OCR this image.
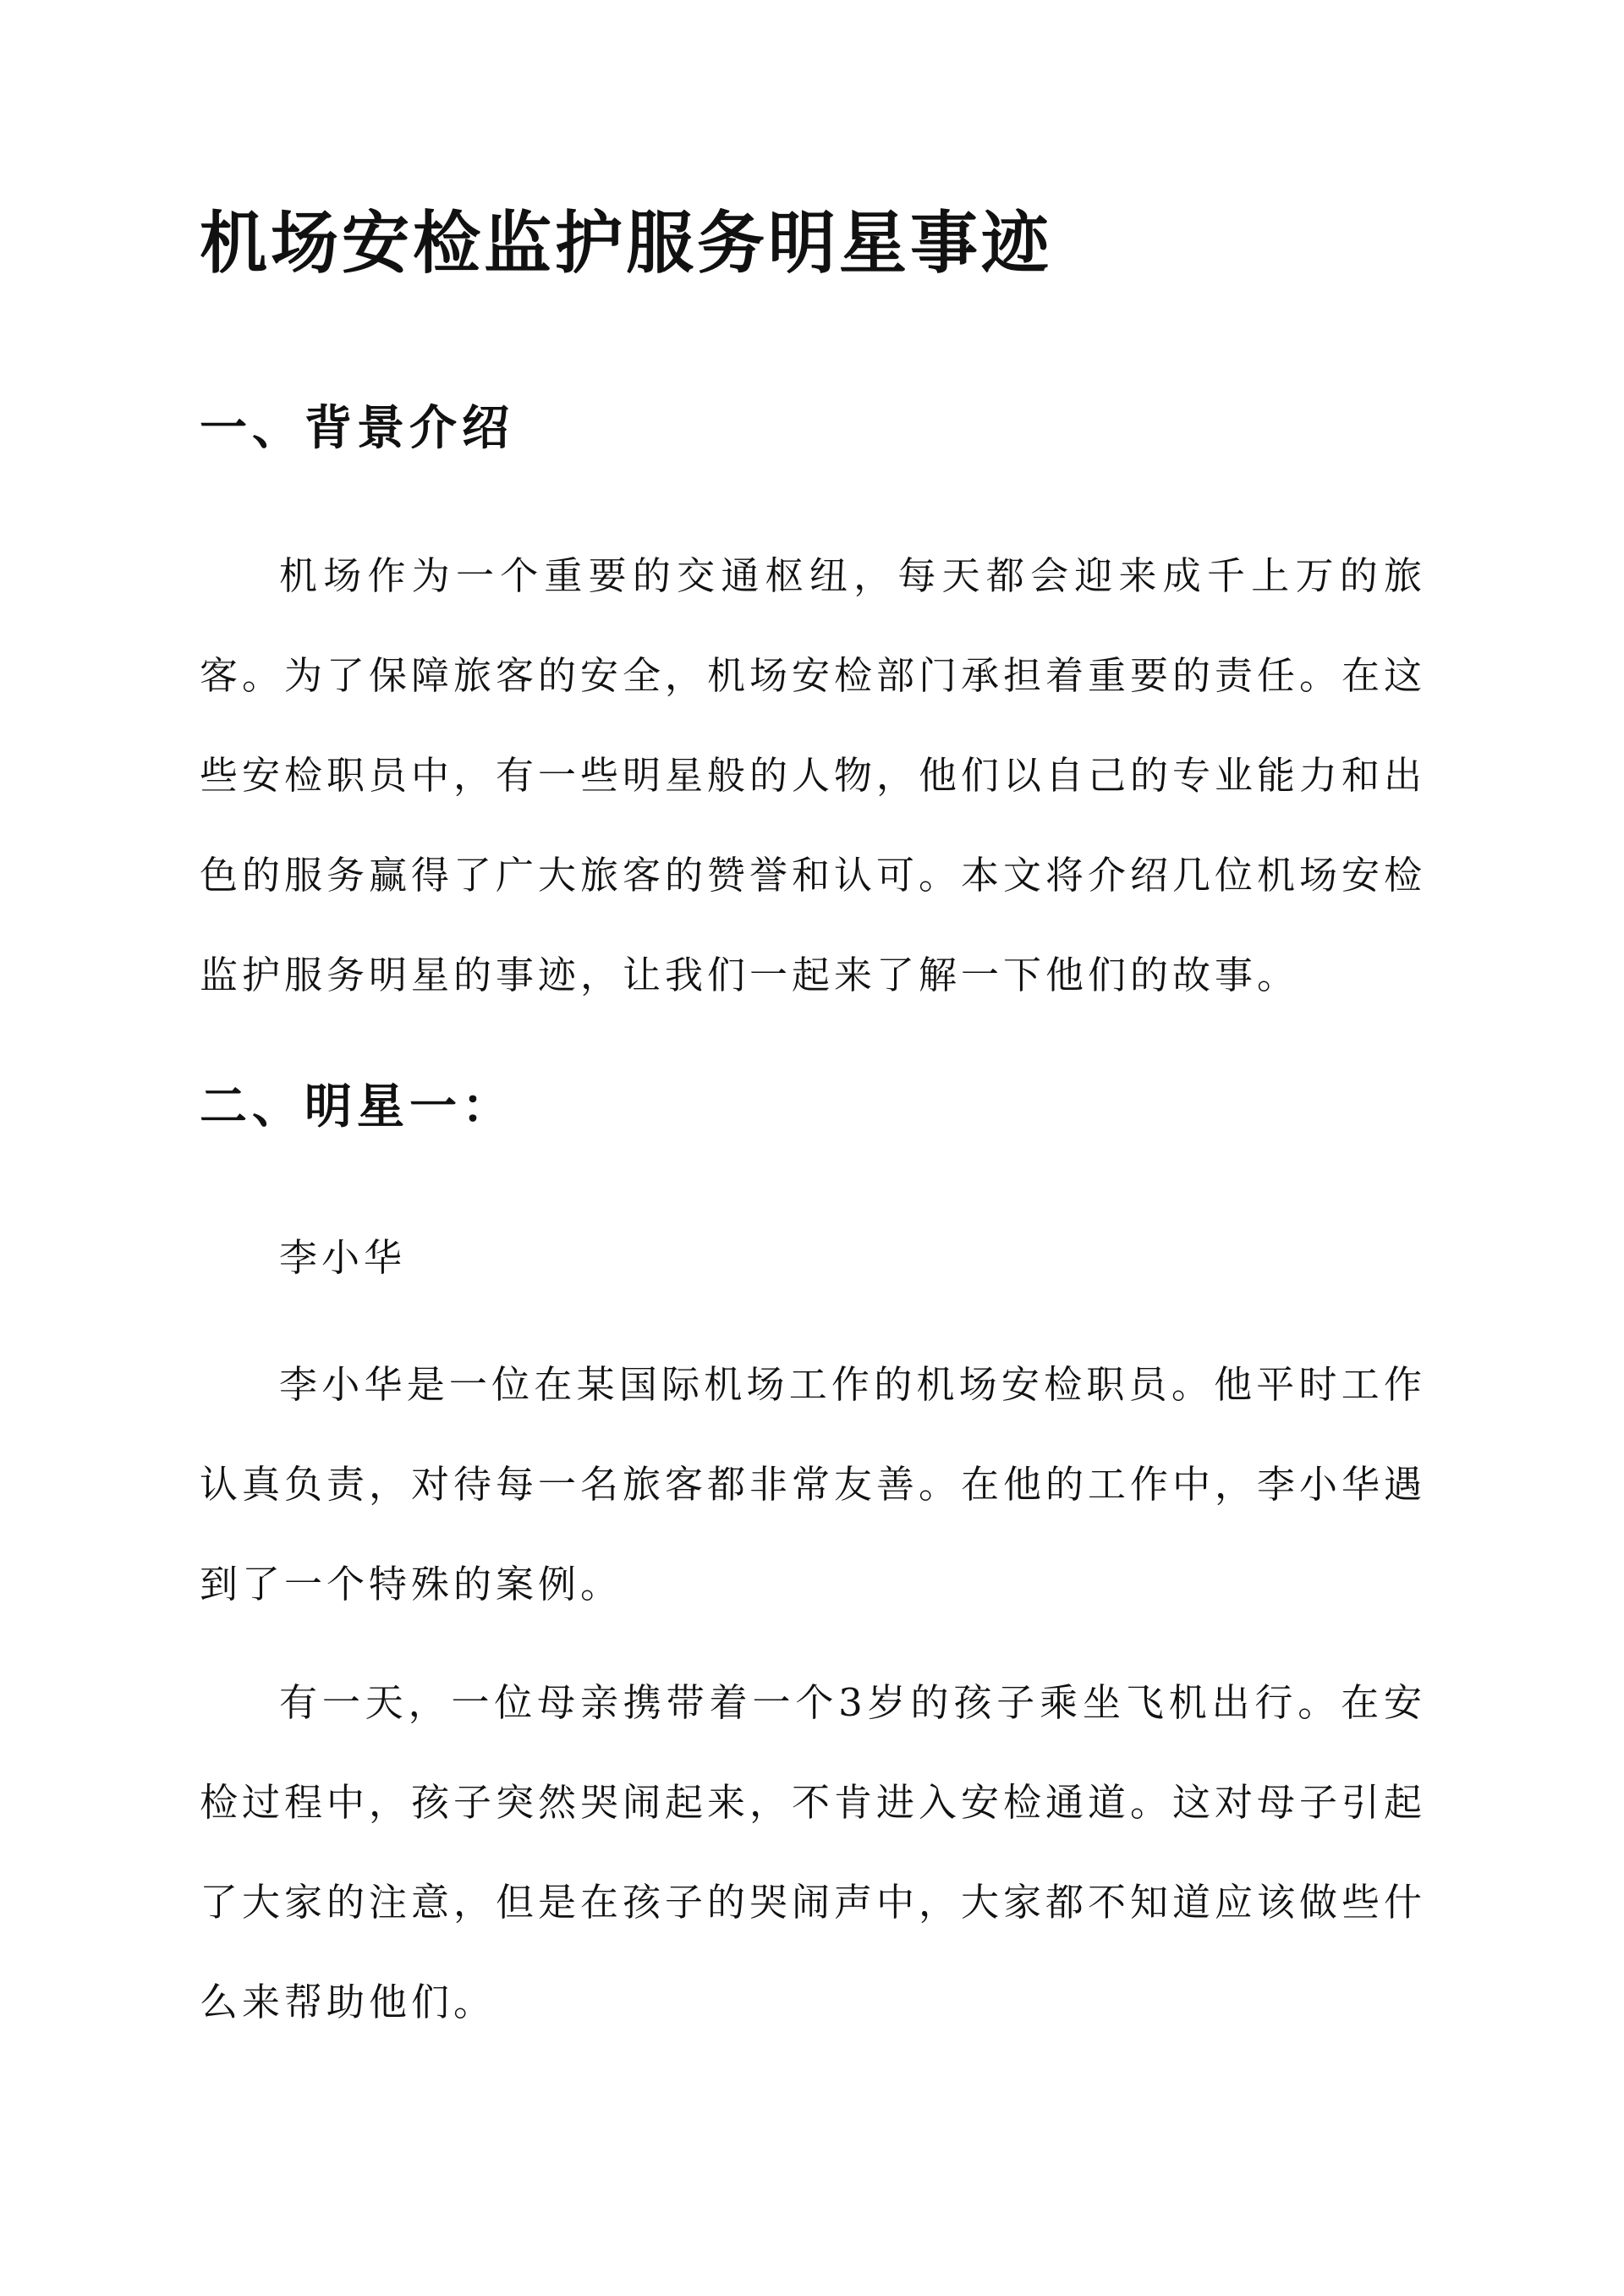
机场安检监护服务明星事迹
一、背景介绍

机场作为一个重要的交通枢纽，每天都会迎来成千上万的旅客。为了保障旅客的安全，机场安检部门承担着重要的责任。在这些安检职员中，有一些明星般的人物，他们以自己的专业能力和出色的服务赢得了广大旅客的赞誉和认可。本文将介绍几位机场安检监护服务明星的事迹，让我们一起来了解一下他们的故事。

二、明星一：

李小华

李小华是一位在某国际机场工作的机场安检职员。他平时工作认真负责，对待每一名旅客都非常友善。在他的工作中，李小华遇到了一个特殊的案例。

有一天，一位母亲携带着一个3岁的孩子乘坐飞机出行。在安检过程中，孩子突然哭闹起来，不肯进入安检通道。这对母子引起了大家的注意，但是在孩子的哭闹声中，大家都不知道应该做些什么来帮助他们。
